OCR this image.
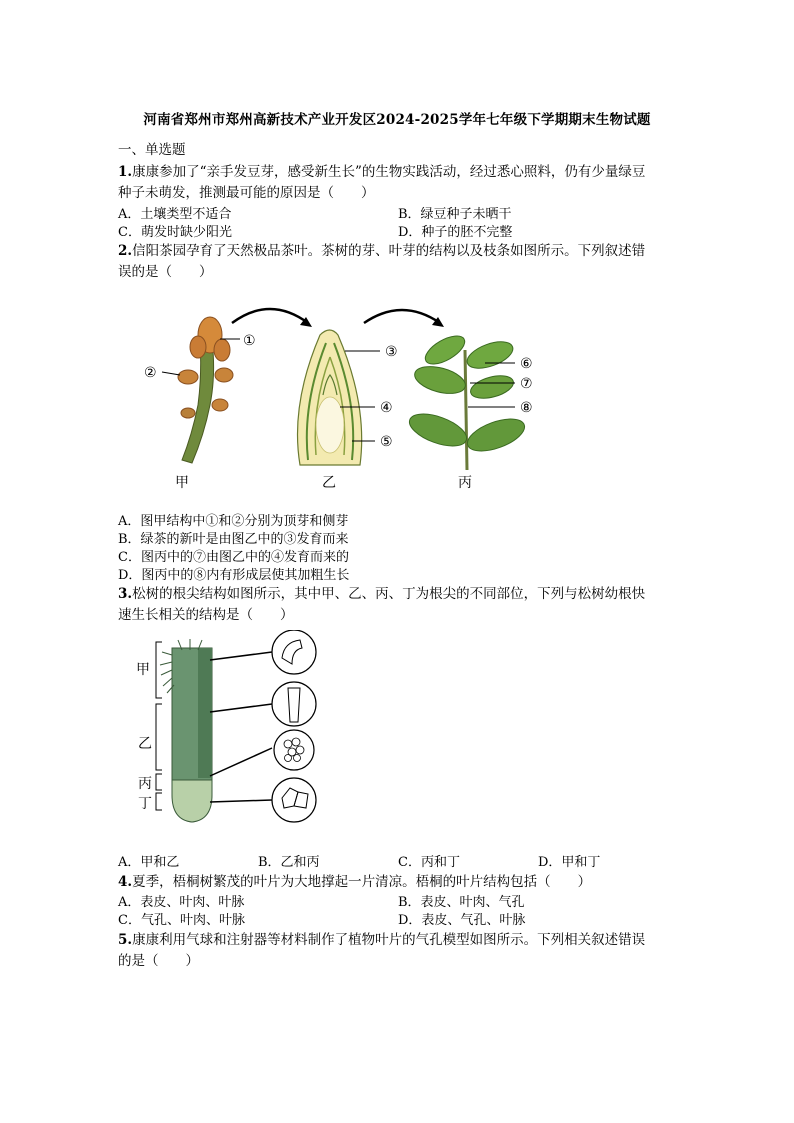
河南省郑州市郑州高新技术产业开发区2024-2025学年七年级下学期期末生物试题
一、单选题
1.康康参加了“亲手发豆芽，感受新生长”的生物实践活动，经过悉心照料，仍有少量绿豆
种子未萌发，推测最可能的原因是（　　）
A．土壤类型不适合	B．绿豆种子未晒干
C．萌发时缺少阳光	D．种子的胚不完整
2.信阳茶园孕育了天然极品茶叶。茶树的芽、叶芽的结构以及枝条如图所示。下列叙述错
误的是（　　）
①
②
③
④
⑤
⑥
⑦
⑧
甲	乙	丙
A．图甲结构中①和②分别为顶芽和侧芽
B．绿茶的新叶是由图乙中的③发育而来
C．图丙中的⑦由图乙中的④发育而来的
D．图丙中的⑧内有形成层使其加粗生长
3.松树的根尖结构如图所示，其中甲、乙、丙、丁为根尖的不同部位，下列与松树幼根快
速生长相关的结构是（　　）
甲
乙
丙
丁
A．甲和乙	B．乙和丙	C．丙和丁	D．甲和丁
4.夏季，梧桐树繁茂的叶片为大地撑起一片清凉。梧桐的叶片结构包括（　　）
A．表皮、叶肉、叶脉	B．表皮、叶肉、气孔
C．气孔、叶肉、叶脉	D．表皮、气孔、叶脉
5.康康利用气球和注射器等材料制作了植物叶片的气孔模型如图所示。下列相关叙述错误
的是（　　）
